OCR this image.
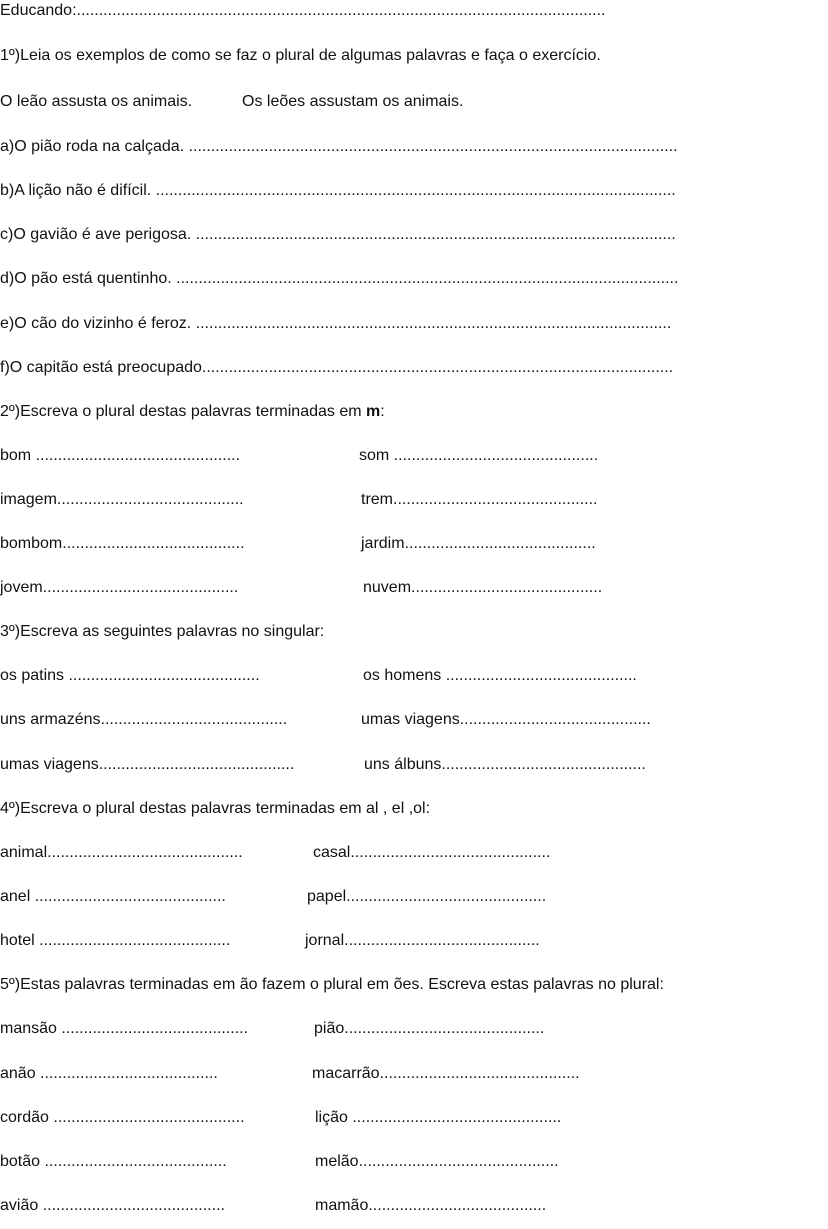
Educando:.......................................................................................................................
1º)Leia os exemplos de como se faz o plural de algumas palavras e faça o exercício.
O leão assusta os animais.	Os leões assustam os animais.
a)O pião roda na calçada. ..............................................................................................................
b)A lição não é difícil. .....................................................................................................................
c)O gavião é ave perigosa. ............................................................................................................
d)O pão está quentinho. .................................................................................................................
e)O cão do vizinho é feroz. ...........................................................................................................
f)O capitão está preocupado..........................................................................................................
2º)Escreva o plural destas palavras terminadas em m:
bom ..............................................	som ..............................................
imagem..........................................	trem..............................................
bombom.........................................	jardim...........................................
jovem............................................	nuvem...........................................
3º)Escreva as seguintes palavras no singular:
os patins ...........................................	os homens ...........................................
uns armazéns..........................................	umas viagens...........................................
umas viagens............................................	uns álbuns..............................................
4º)Escreva o plural destas palavras terminadas em al , el ,ol:
animal............................................	casal.............................................
anel ...........................................	papel.............................................
hotel ...........................................	jornal............................................
5º)Estas palavras terminadas em ão fazem o plural em ões. Escreva estas palavras no plural:
mansão ..........................................	pião.............................................
anão ........................................	macarrão.............................................
cordão ...........................................	lição ...............................................
botão .........................................	melão.............................................
avião .........................................	mamão........................................
